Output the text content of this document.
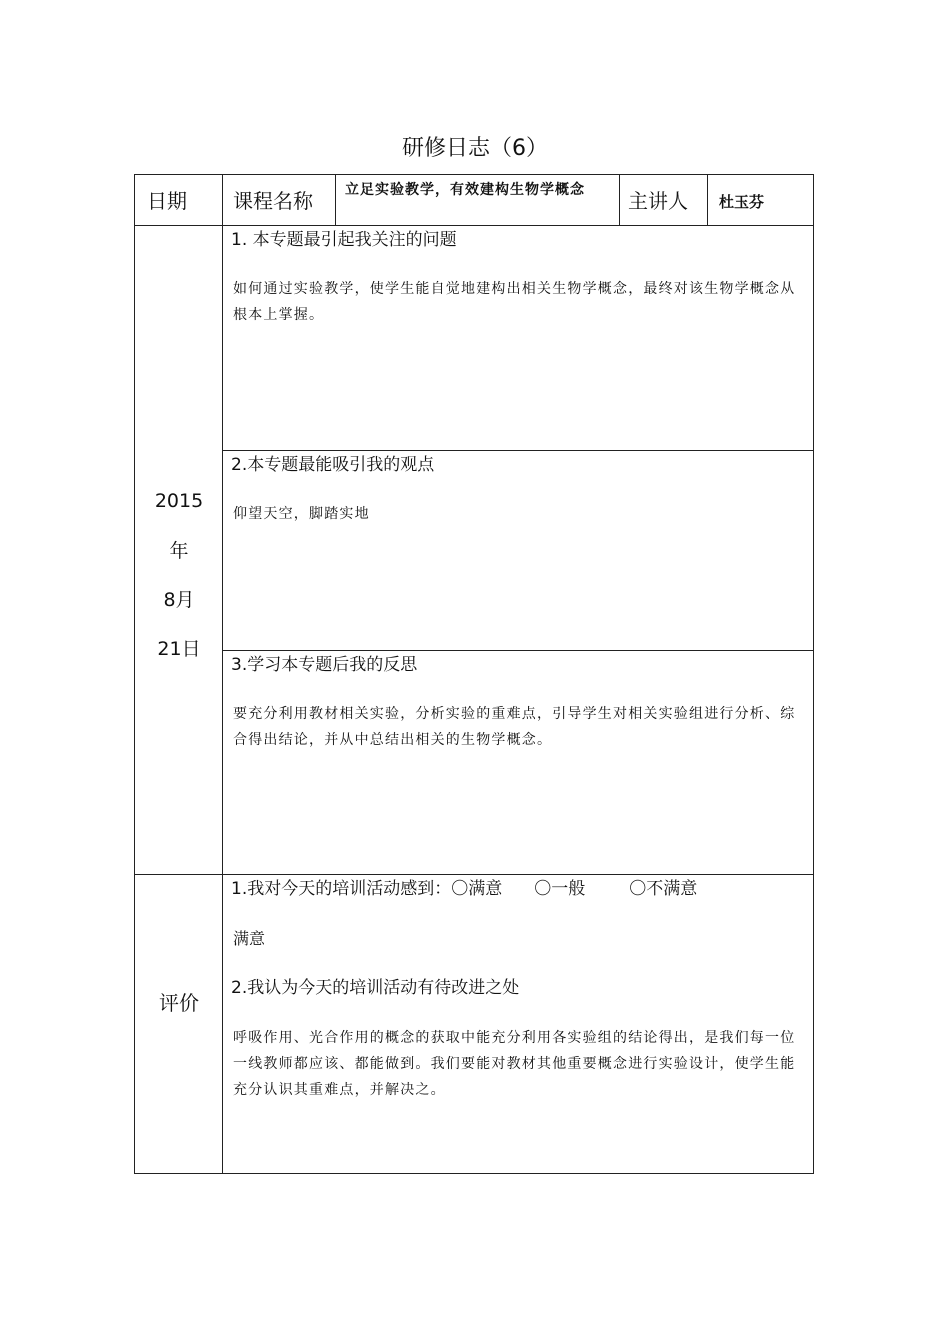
研修日志（6）
日期 课程名称 立足实验教学，有效建构生物学概念	主讲人 杜玉芬
2015
年
8月
21日
1. 本专题最引起我关注的问题
如何通过实验教学，使学生能自觉地建构出相关生物学概念，最终对该生物学概念从根本上掌握。
2.本专题最能吸引我的观点
仰望天空，脚踏实地
3.学习本专题后我的反思
要充分利用教材相关实验，分析实验的重难点，引导学生对相关实验组进行分析、综合得出结论，并从中总结出相关的生物学概念。
评价
1.我对今天的培训活动感到：〇满意 〇一般	〇不满意
满意
2.我认为今天的培训活动有待改进之处
呼吸作用、光合作用的概念的获取中能充分利用各实验组的结论得出，是我们每一位一线教师都应该、都能做到。我们要能对教材其他重要概念进行实验设计，使学生能充分认识其重难点，并解决之。
